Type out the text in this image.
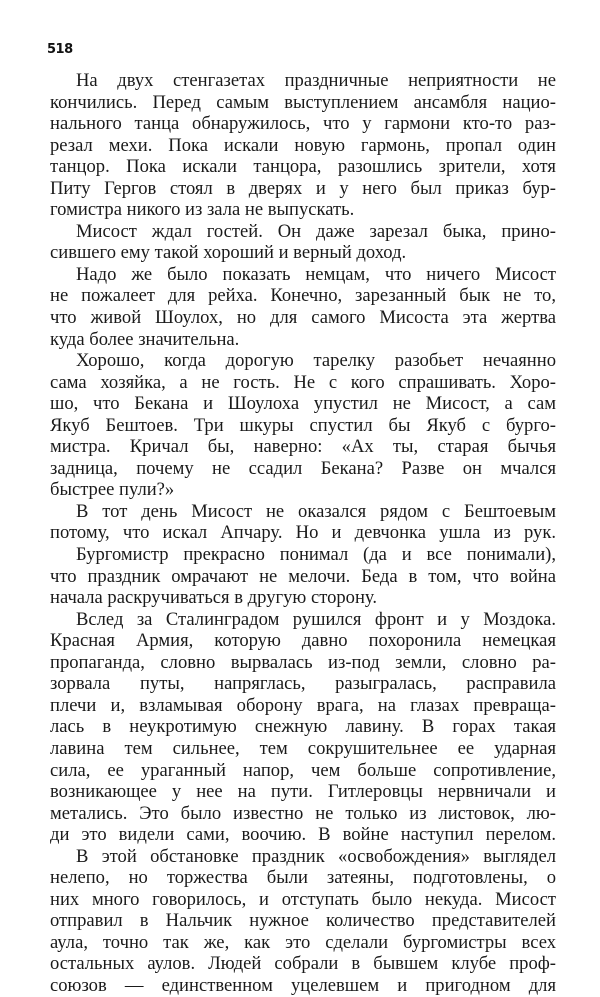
518
На двух стенгазетах праздничные неприятности не
кончились. Перед самым выступлением ансамбля нацио-
нального танца обнаружилось, что у гармони кто-то раз-
резал мехи. Пока искали новую гармонь, пропал один
танцор. Пока искали танцора, разошлись зрители, хотя
Питу Гергов стоял в дверях и у него был приказ бур-
гомистра никого из зала не выпускать.
Мисост ждал гостей. Он даже зарезал быка, прино-
сившего ему такой хороший и верный доход.
Надо же было показать немцам, что ничего Мисост
не пожалеет для рейха. Конечно, зарезанный бык не то,
что живой Шоулох, но для самого Мисоста эта жертва
куда более значительна.
Хорошо, когда дорогую тарелку разобьет нечаянно
сама хозяйка, а не гость. Не с кого спрашивать. Хоро-
шо, что Бекана и Шоулоха упустил не Мисост, а сам
Якуб Бештоев. Три шкуры спустил бы Якуб с бурго-
мистра. Кричал бы, наверно: «Ах ты, старая бычья
задница, почему не ссадил Бекана? Разве он мчался
быстрее пули?»
В тот день Мисост не оказался рядом с Бештоевым
потому, что искал Апчару. Но и девчонка ушла из рук.
Бургомистр прекрасно понимал (да и все понимали),
что праздник омрачают не мелочи. Беда в том, что война
начала раскручиваться в другую сторону.
Вслед за Сталинградом рушился фронт и у Моздока.
Красная Армия, которую давно похоронила немецкая
пропаганда, словно вырвалась из-под земли, словно ра-
зорвала путы, напряглась, разыгралась, расправила
плечи и, взламывая оборону врага, на глазах превраща-
лась в неукротимую снежную лавину. В горах такая
лавина тем сильнее, тем сокрушительнее ее ударная
сила, ее ураганный напор, чем больше сопротивление,
возникающее у нее на пути. Гитлеровцы нервничали и
метались. Это было известно не только из листовок, лю-
ди это видели сами, воочию. В войне наступил перелом.
В этой обстановке праздник «освобождения» выглядел
нелепо, но торжества были затеяны, подготовлены, о
них много говорилось, и отступать было некуда. Мисост
отправил в Нальчик нужное количество представителей
аула, точно так же, как это сделали бургомистры всех
остальных аулов. Людей собрали в бывшем клубе проф-
союзов — единственном уцелевшем и пригодном для
